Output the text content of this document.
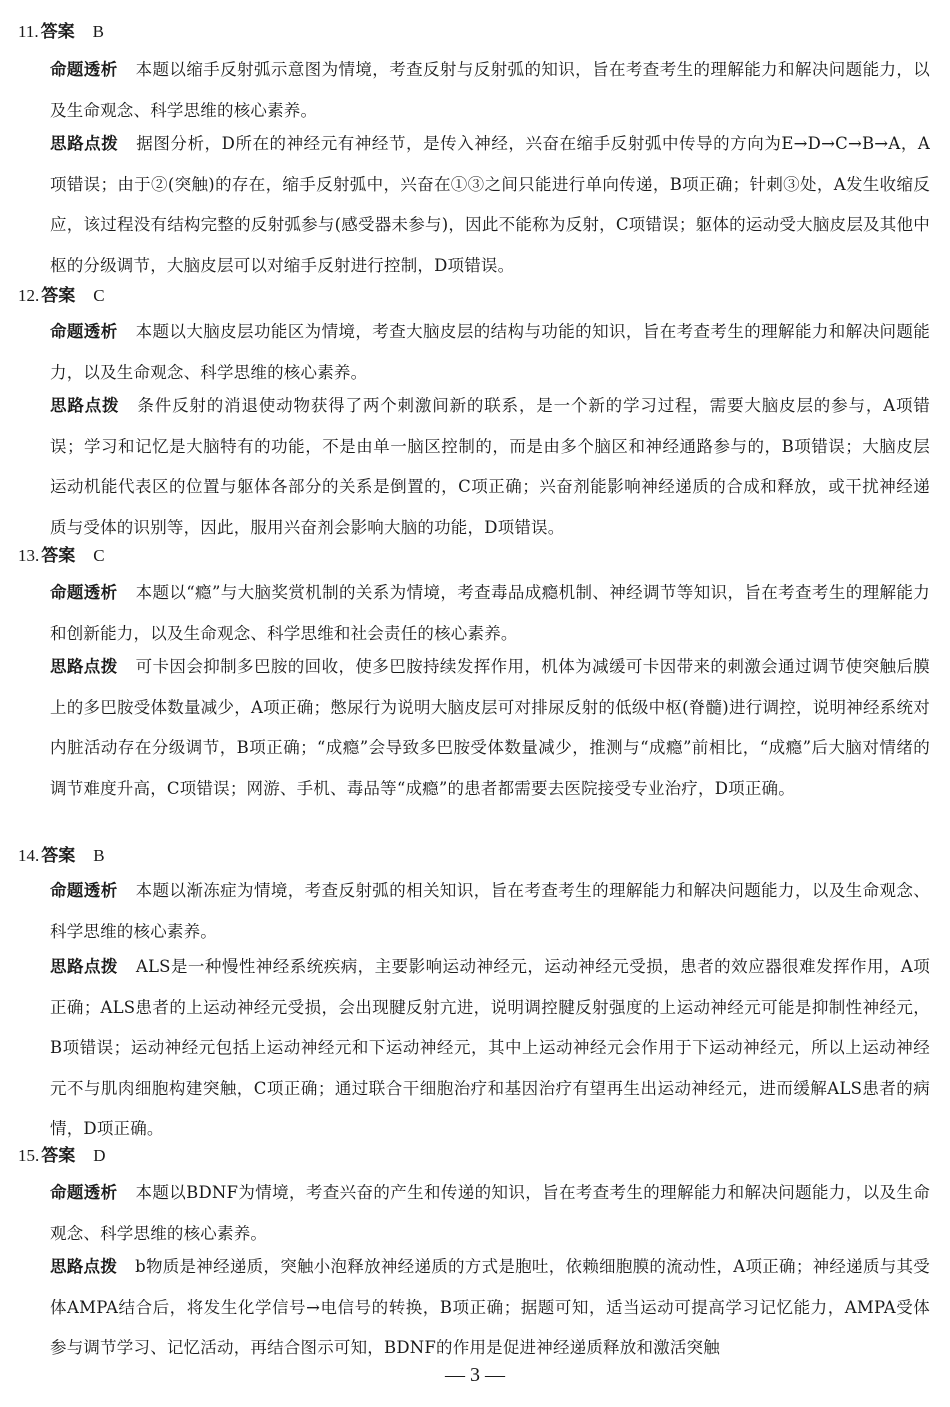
11. 答案 B
命题透析 本题以缩手反射弧示意图为情境，考查反射与反射弧的知识，旨在考查考生的理解能力和解决问题能力，以及生命观念、科学思维的核心素养。
思路点拨 据图分析，D所在的神经元有神经节，是传入神经，兴奋在缩手反射弧中传导的方向为E→D→C→B→A，A项错误；由于②(突触)的存在，缩手反射弧中，兴奋在①③之间只能进行单向传递，B项正确；针刺③处，A发生收缩反应，该过程没有结构完整的反射弧参与(感受器未参与)，因此不能称为反射，C项错误；躯体的运动受大脑皮层及其他中枢的分级调节，大脑皮层可以对缩手反射进行控制，D项错误。
12. 答案 C
命题透析 本题以大脑皮层功能区为情境，考查大脑皮层的结构与功能的知识，旨在考查考生的理解能力和解决问题能力，以及生命观念、科学思维的核心素养。
思路点拨 条件反射的消退使动物获得了两个刺激间新的联系，是一个新的学习过程，需要大脑皮层的参与，A项错误；学习和记忆是大脑特有的功能，不是由单一脑区控制的，而是由多个脑区和神经通路参与的，B项错误；大脑皮层运动机能代表区的位置与躯体各部分的关系是倒置的，C项正确；兴奋剂能影响神经递质的合成和释放，或干扰神经递质与受体的识别等，因此，服用兴奋剂会影响大脑的功能，D项错误。
13. 答案 C
命题透析 本题以“瘾”与大脑奖赏机制的关系为情境，考查毒品成瘾机制、神经调节等知识，旨在考查考生的理解能力和创新能力，以及生命观念、科学思维和社会责任的核心素养。
思路点拨 可卡因会抑制多巴胺的回收，使多巴胺持续发挥作用，机体为减缓可卡因带来的刺激会通过调节使突触后膜上的多巴胺受体数量减少，A项正确；憋尿行为说明大脑皮层可对排尿反射的低级中枢(脊髓)进行调控，说明神经系统对内脏活动存在分级调节，B项正确；“成瘾”会导致多巴胺受体数量减少，推测与“成瘾”前相比，“成瘾”后大脑对情绪的调节难度升高，C项错误；网游、手机、毒品等“成瘾”的患者都需要去医院接受专业治疗，D项正确。
14. 答案 B
命题透析 本题以渐冻症为情境，考查反射弧的相关知识，旨在考查考生的理解能力和解决问题能力，以及生命观念、科学思维的核心素养。
思路点拨 ALS是一种慢性神经系统疾病，主要影响运动神经元，运动神经元受损，患者的效应器很难发挥作用，A项正确；ALS患者的上运动神经元受损，会出现腱反射亢进，说明调控腱反射强度的上运动神经元可能是抑制性神经元，B项错误；运动神经元包括上运动神经元和下运动神经元，其中上运动神经元会作用于下运动神经元，所以上运动神经元不与肌肉细胞构建突触，C项正确；通过联合干细胞治疗和基因治疗有望再生出运动神经元，进而缓解ALS患者的病情，D项正确。
15. 答案 D
命题透析 本题以BDNF为情境，考查兴奋的产生和传递的知识，旨在考查考生的理解能力和解决问题能力，以及生命观念、科学思维的核心素养。
思路点拨 b物质是神经递质，突触小泡释放神经递质的方式是胞吐，依赖细胞膜的流动性，A项正确；神经递质与其受体AMPA结合后，将发生化学信号→电信号的转换，B项正确；据题可知，适当运动可提高学习记忆能力，AMPA受体参与调节学习、记忆活动，再结合图示可知，BDNF的作用是促进神经递质释放和激活突触
— 3 —
